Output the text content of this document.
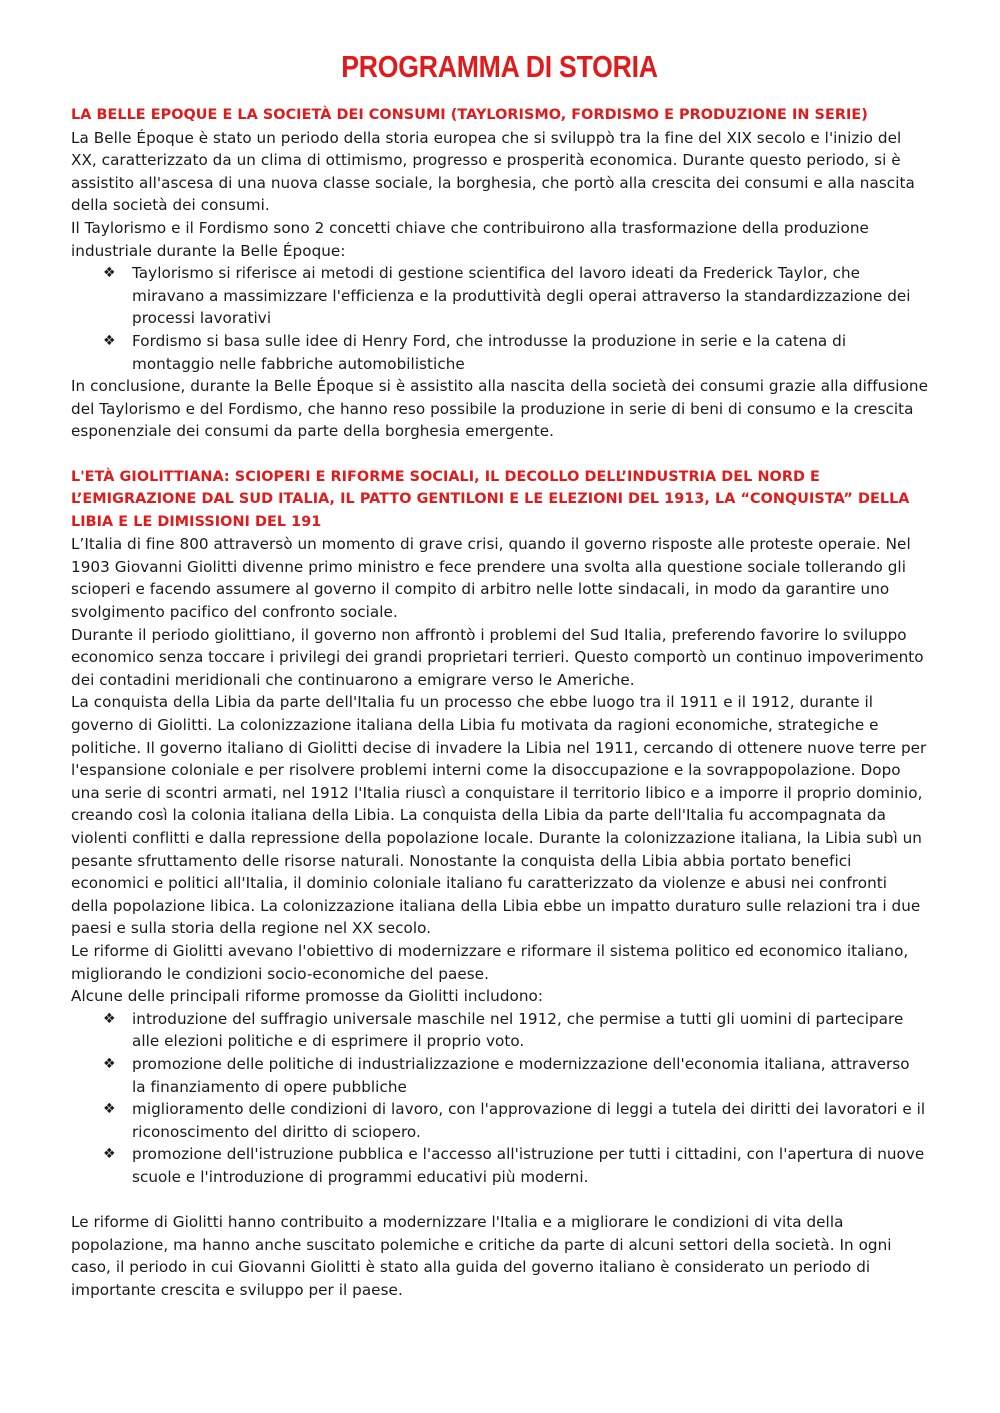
PROGRAMMA DI STORIA

LA BELLE EPOQUE E LA SOCIETÀ DEI CONSUMI (TAYLORISMO, FORDISMO E PRODUZIONE IN SERIE)

La Belle Époque è stato un periodo della storia europea che si sviluppò tra la fine del XIX secolo e l'inizio del XX, caratterizzato da un clima di ottimismo, progresso e prosperità economica. Durante questo periodo, si è assistito all'ascesa di una nuova classe sociale, la borghesia, che portò alla crescita dei consumi e alla nascita della società dei consumi.

Il Taylorismo e il Fordismo sono 2 concetti chiave che contribuirono alla trasformazione della produzione industriale durante la Belle Époque:

❖ Taylorismo si riferisce ai metodi di gestione scientifica del lavoro ideati da Frederick Taylor, che miravano a massimizzare l'efficienza e la produttività degli operai attraverso la standardizzazione dei processi lavorativi
❖ Fordismo si basa sulle idee di Henry Ford, che introdusse la produzione in serie e la catena di montaggio nelle fabbriche automobilistiche

In conclusione, durante la Belle Époque si è assistito alla nascita della società dei consumi grazie alla diffusione del Taylorismo e del Fordismo, che hanno reso possibile la produzione in serie di beni di consumo e la crescita esponenziale dei consumi da parte della borghesia emergente.

L'ETÀ GIOLITTIANA: SCIOPERI E RIFORME SOCIALI, IL DECOLLO DELL’INDUSTRIA DEL NORD E L’EMIGRAZIONE DAL SUD ITALIA, IL PATTO GENTILONI E LE ELEZIONI DEL 1913, LA “CONQUISTA” DELLA LIBIA E LE DIMISSIONI DEL 191

L’Italia di fine 800 attraversò un momento di grave crisi, quando il governo risposte alle proteste operaie. Nel 1903 Giovanni Giolitti divenne primo ministro e fece prendere una svolta alla questione sociale tollerando gli scioperi e facendo assumere al governo il compito di arbitro nelle lotte sindacali, in modo da garantire uno svolgimento pacifico del confronto sociale.

Durante il periodo giolittiano, il governo non affrontò i problemi del Sud Italia, preferendo favorire lo sviluppo economico senza toccare i privilegi dei grandi proprietari terrieri. Questo comportò un continuo impoverimento dei contadini meridionali che continuarono a emigrare verso le Americhe.

La conquista della Libia da parte dell'Italia fu un processo che ebbe luogo tra il 1911 e il 1912, durante il governo di Giolitti. La colonizzazione italiana della Libia fu motivata da ragioni economiche, strategiche e politiche. Il governo italiano di Giolitti decise di invadere la Libia nel 1911, cercando di ottenere nuove terre per l'espansione coloniale e per risolvere problemi interni come la disoccupazione e la sovrappopolazione. Dopo una serie di scontri armati, nel 1912 l'Italia riuscì a conquistare il territorio libico e a imporre il proprio dominio, creando così la colonia italiana della Libia. La conquista della Libia da parte dell'Italia fu accompagnata da violenti conflitti e dalla repressione della popolazione locale. Durante la colonizzazione italiana, la Libia subì un pesante sfruttamento delle risorse naturali. Nonostante la conquista della Libia abbia portato benefici economici e politici all'Italia, il dominio coloniale italiano fu caratterizzato da violenze e abusi nei confronti della popolazione libica. La colonizzazione italiana della Libia ebbe un impatto duraturo sulle relazioni tra i due paesi e sulla storia della regione nel XX secolo.

Le riforme di Giolitti avevano l'obiettivo di modernizzare e riformare il sistema politico ed economico italiano, migliorando le condizioni socio-economiche del paese.

Alcune delle principali riforme promosse da Giolitti includono:

❖ introduzione del suffragio universale maschile nel 1912, che permise a tutti gli uomini di partecipare alle elezioni politiche e di esprimere il proprio voto.
❖ promozione delle politiche di industrializzazione e modernizzazione dell'economia italiana, attraverso la finanziamento di opere pubbliche
❖ miglioramento delle condizioni di lavoro, con l'approvazione di leggi a tutela dei diritti dei lavoratori e il riconoscimento del diritto di sciopero.
❖ promozione dell'istruzione pubblica e l'accesso all'istruzione per tutti i cittadini, con l'apertura di nuove scuole e l'introduzione di programmi educativi più moderni.

Le riforme di Giolitti hanno contribuito a modernizzare l'Italia e a migliorare le condizioni di vita della popolazione, ma hanno anche suscitato polemiche e critiche da parte di alcuni settori della società. In ogni caso, il periodo in cui Giovanni Giolitti è stato alla guida del governo italiano è considerato un periodo di importante crescita e sviluppo per il paese.
